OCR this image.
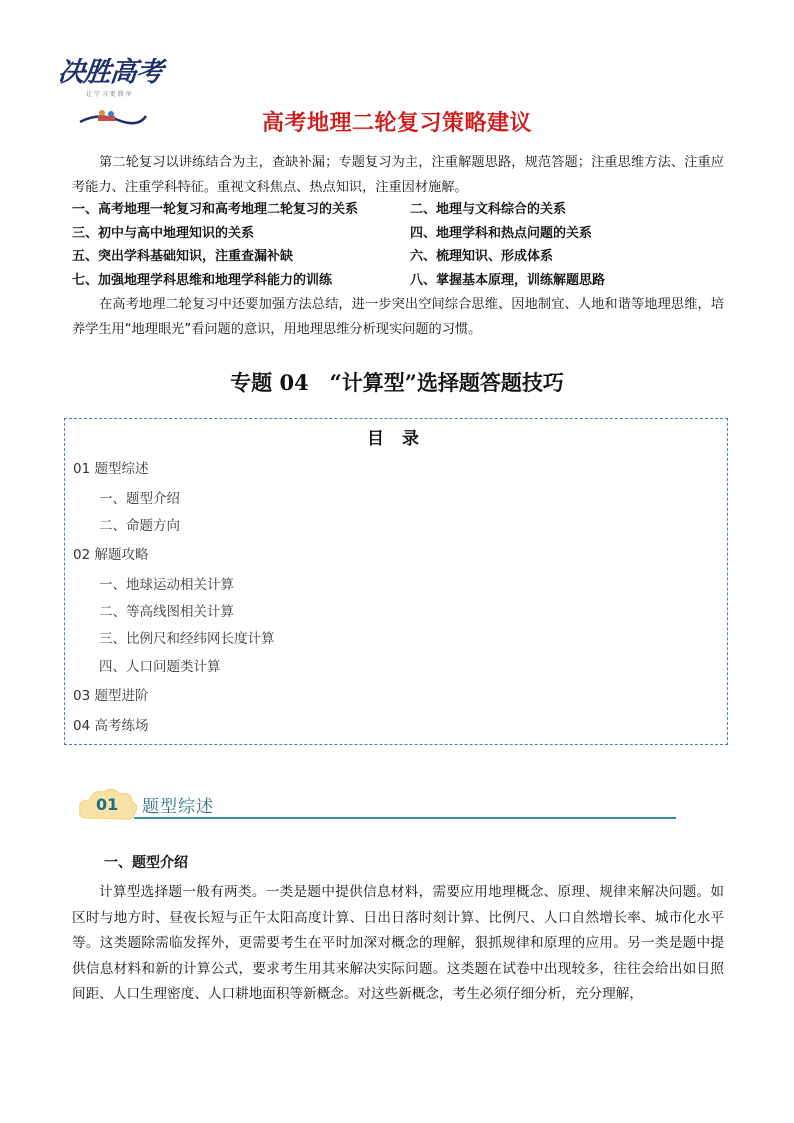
决胜高考
让 学 习 更 简 单
高考地理二轮复习策略建议
第二轮复习以讲练结合为主，查缺补漏；专题复习为主，注重解题思路，规范答题；注重思维方法、注重应考能力、注重学科特征。重视文科焦点、热点知识，注重因材施解。
一、高考地理一轮复习和高考地理二轮复习的关系	二、地理与文科综合的关系
三、初中与高中地理知识的关系	四、地理学科和热点问题的关系
五、突出学科基础知识，注重查漏补缺	六、梳理知识、形成体系
七、加强地理学科思维和地理学科能力的训练	八、掌握基本原理，训练解题思路
在高考地理二轮复习中还要加强方法总结，进一步突出空间综合思维、因地制宜、人地和谐等地理思维，培养学生用“地理眼光”看问题的意识，用地理思维分析现实问题的习惯。
专题 04　“计算型”选择题答题技巧
目 录
01 题型综述
一、题型介绍
二、命题方向
02 解题攻略
一、地球运动相关计算
二、等高线图相关计算
三、比例尺和经纬网长度计算
四、人口问题类计算
03 题型进阶
04 高考练场
01 题型综述
一、题型介绍
计算型选择题一般有两类。一类是题中提供信息材料，需要应用地理概念、原理、规律来解决问题。如区时与地方时、昼夜长短与正午太阳高度计算、日出日落时刻计算、比例尺、人口自然增长率、城市化水平等。这类题除需临发挥外，更需要考生在平时加深对概念的理解，狠抓规律和原理的应用。另一类是题中提供信息材料和新的计算公式，要求考生用其来解决实际问题。这类题在试卷中出现较多，往往会给出如日照间距、人口生理密度、人口耕地面积等新概念。对这些新概念，考生必须仔细分析，充分理解，
